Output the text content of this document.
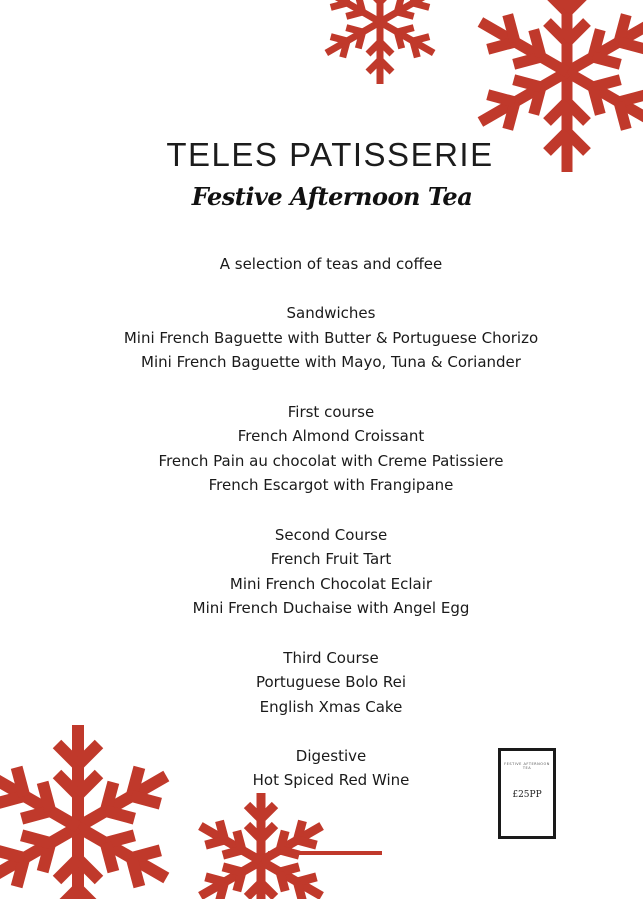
TELES PATISSERIE
Festive Afternoon Tea
A selection of teas and coffee
Sandwiches
Mini French Baguette with Butter & Portuguese Chorizo
Mini French Baguette with Mayo, Tuna & Coriander
First course
French Almond Croissant
French Pain au chocolat with Creme Patissiere
French Escargot with Frangipane
Second Course
French Fruit Tart
Mini French Chocolat Eclair
Mini French Duchaise with Angel Egg
Third Course
Portuguese Bolo Rei
English Xmas Cake
Digestive
Hot Spiced Red Wine
FESTIVE AFTERNOON TEA
£25PP
